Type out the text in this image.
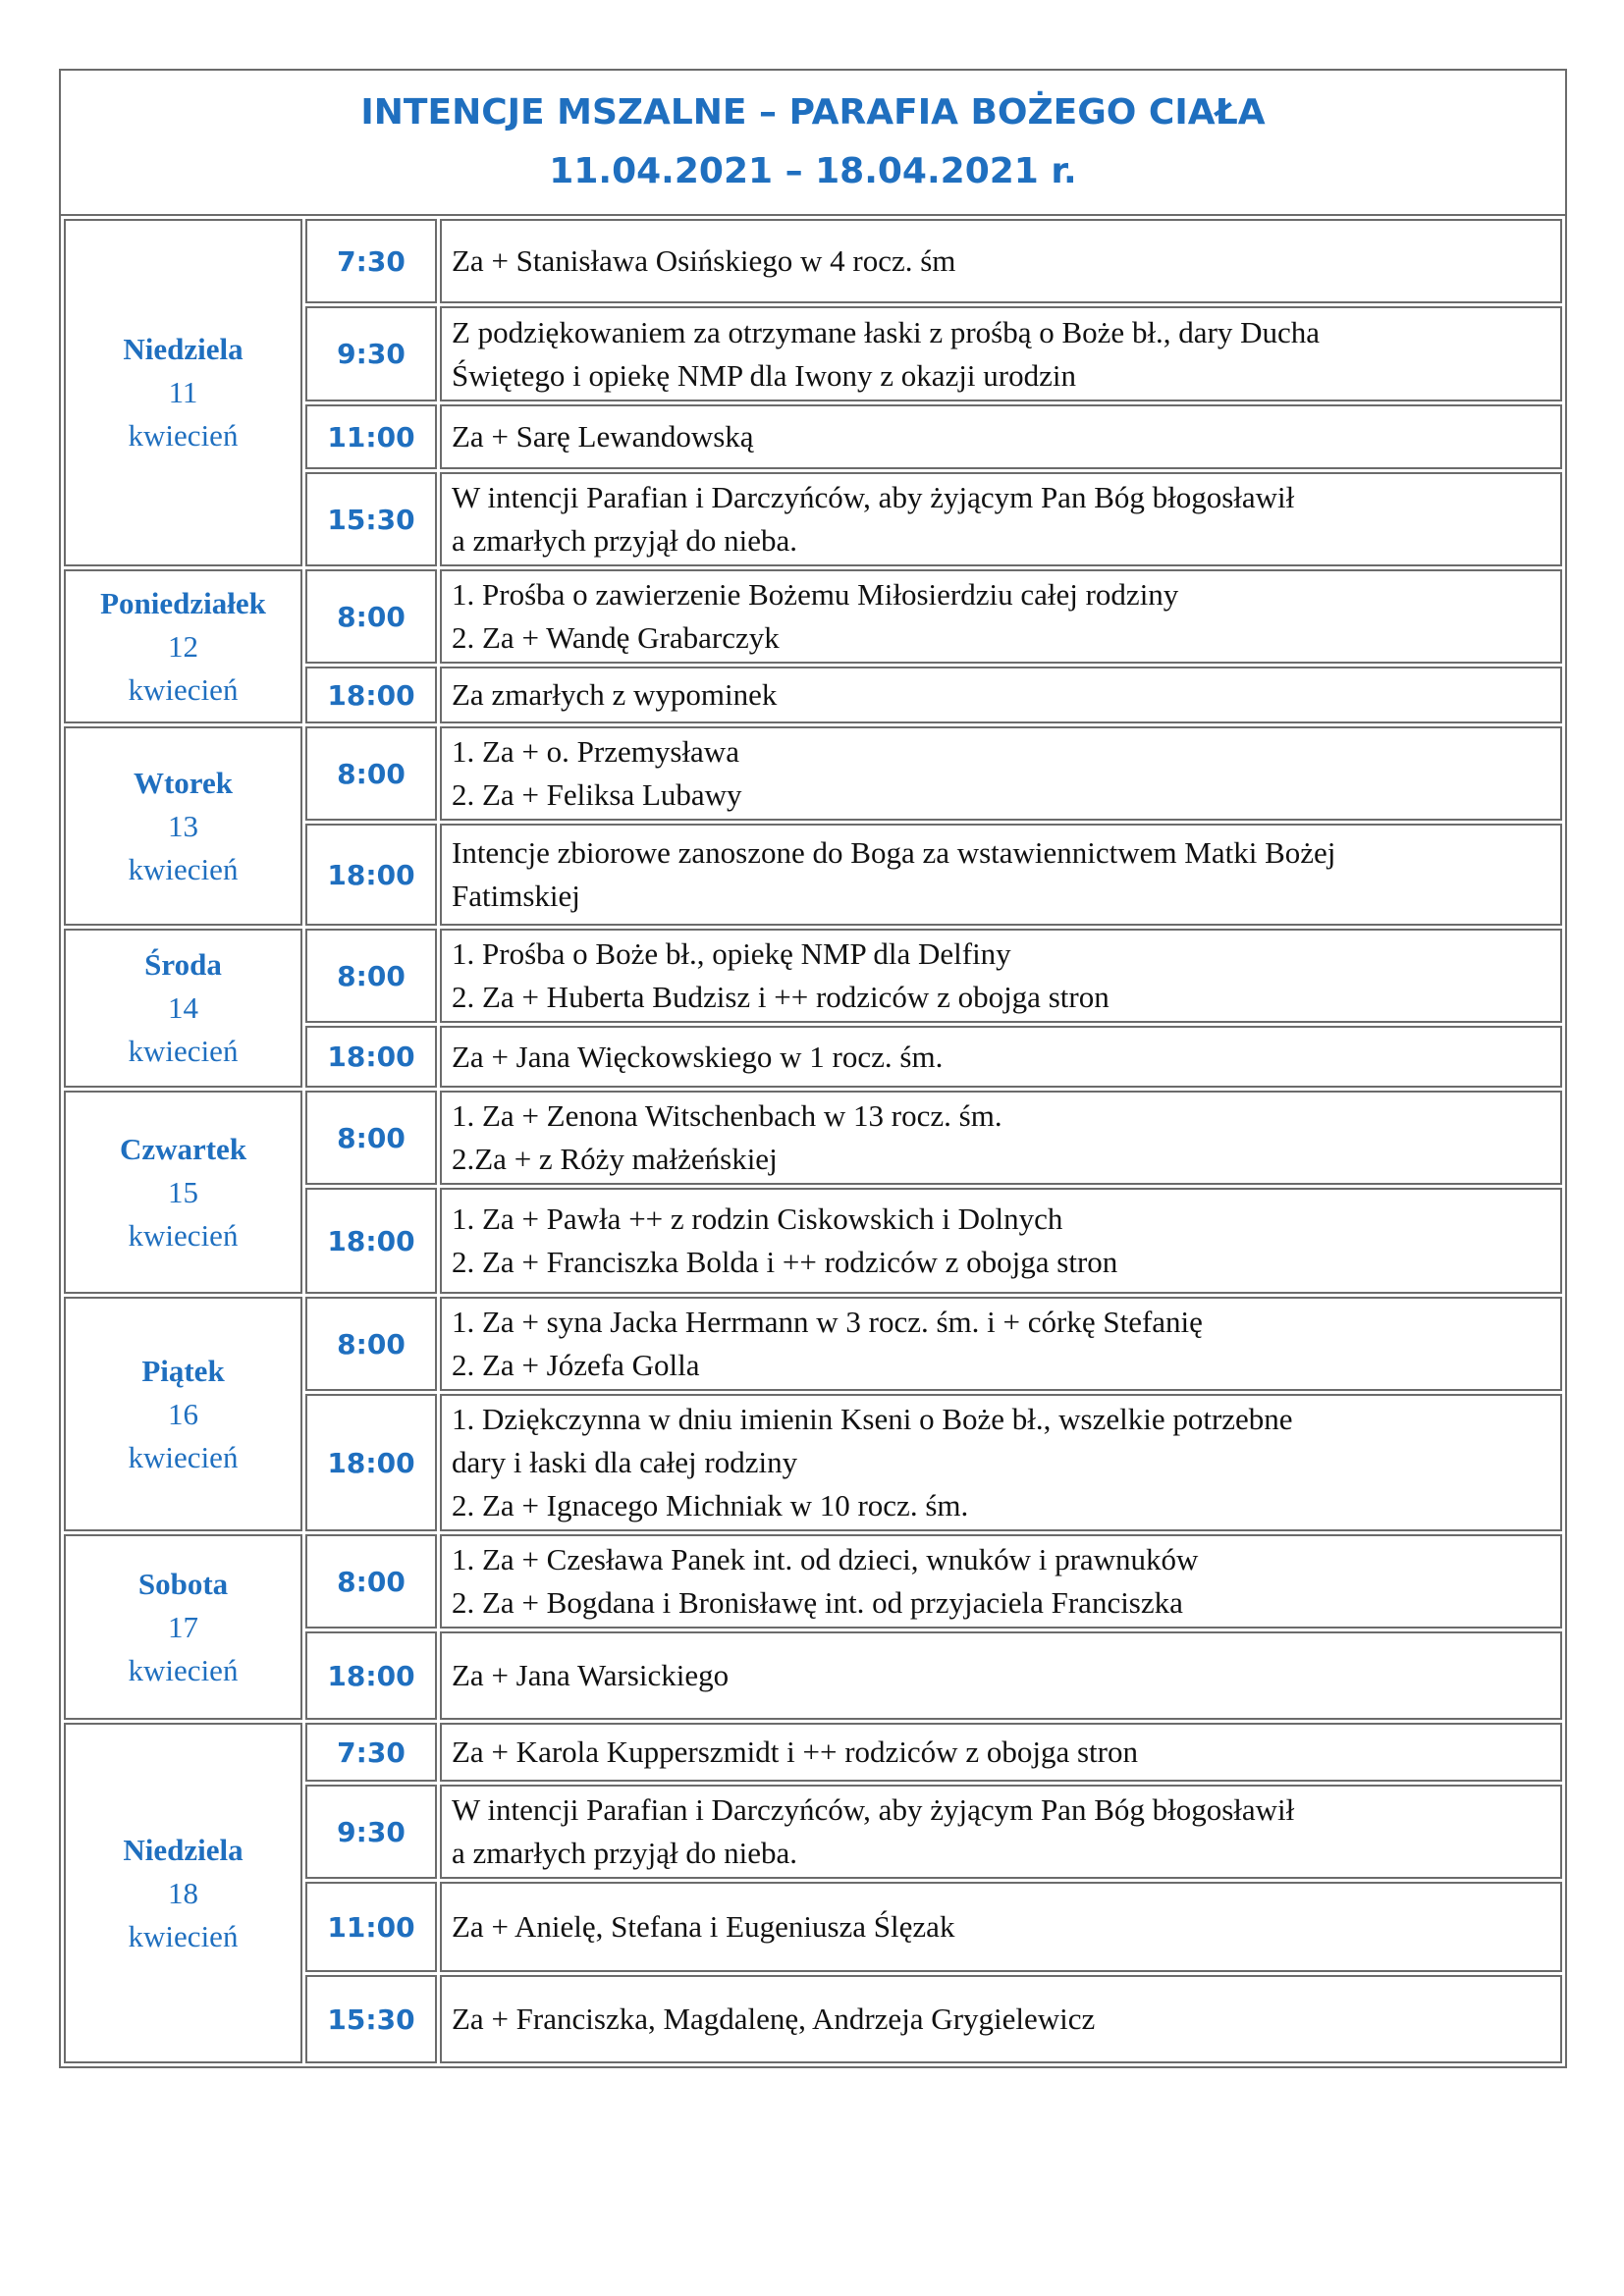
INTENCJE MSZALNE – PARAFIA BOŻEGO CIAŁA
11.04.2021 – 18.04.2021 r.
Niedziela
11
kwiecień	7:30	Za + Stanisława Osińskiego w 4 rocz. śm

	9:30	Z podziękowaniem za otrzymane łaski z prośbą o Boże bł., dary Ducha
Świętego i opiekę NMP dla Iwony z okazji urodzin

	11:00	Za + Sarę Lewandowską

	15:30	W intencji Parafian i Darczyńców, aby żyjącym Pan Bóg błogosławił
a zmarłych przyjął do nieba.

Poniedziałek
12
kwiecień	8:00	1. Prośba o zawierzenie Bożemu Miłosierdziu całej rodziny
2. Za + Wandę Grabarczyk

	18:00	Za zmarłych z wypominek

Wtorek
13
kwiecień	8:00	1. Za + o. Przemysława
2. Za + Feliksa Lubawy

	18:00	Intencje zbiorowe zanoszone do Boga za wstawiennictwem Matki Bożej
Fatimskiej

Środa
14
kwiecień	8:00	1. Prośba o Boże bł., opiekę NMP dla Delfiny
2. Za + Huberta Budzisz i ++ rodziców z obojga stron

	18:00	Za + Jana Więckowskiego w 1 rocz. śm.

Czwartek
15
kwiecień	8:00	1. Za + Zenona Witschenbach w 13 rocz. śm.
2.Za + z Róży małżeńskiej

	18:00	1. Za + Pawła ++ z rodzin Ciskowskich i Dolnych
2. Za + Franciszka Bolda i ++ rodziców z obojga stron

Piątek
16
kwiecień	8:00	1. Za + syna Jacka Herrmann w 3 rocz. śm. i + córkę Stefanię
2. Za + Józefa Golla

	18:00	1. Dziękczynna w dniu imienin Kseni o Boże bł., wszelkie potrzebne
dary i łaski dla całej rodziny
2. Za + Ignacego Michniak w 10 rocz. śm.

Sobota
17
kwiecień	8:00	1. Za + Czesława Panek int. od dzieci, wnuków i prawnuków
2. Za + Bogdana i Bronisławę int. od przyjaciela Franciszka

	18:00	Za + Jana Warsickiego

Niedziela
18
kwiecień	7:30	Za + Karola Kupperszmidt i ++ rodziców z obojga stron

	9:30	W intencji Parafian i Darczyńców, aby żyjącym Pan Bóg błogosławił
a zmarłych przyjął do nieba.

	11:00	Za + Anielę, Stefana i Eugeniusza Ślęzak

	15:30	Za + Franciszka, Magdalenę, Andrzeja Grygielewicz
